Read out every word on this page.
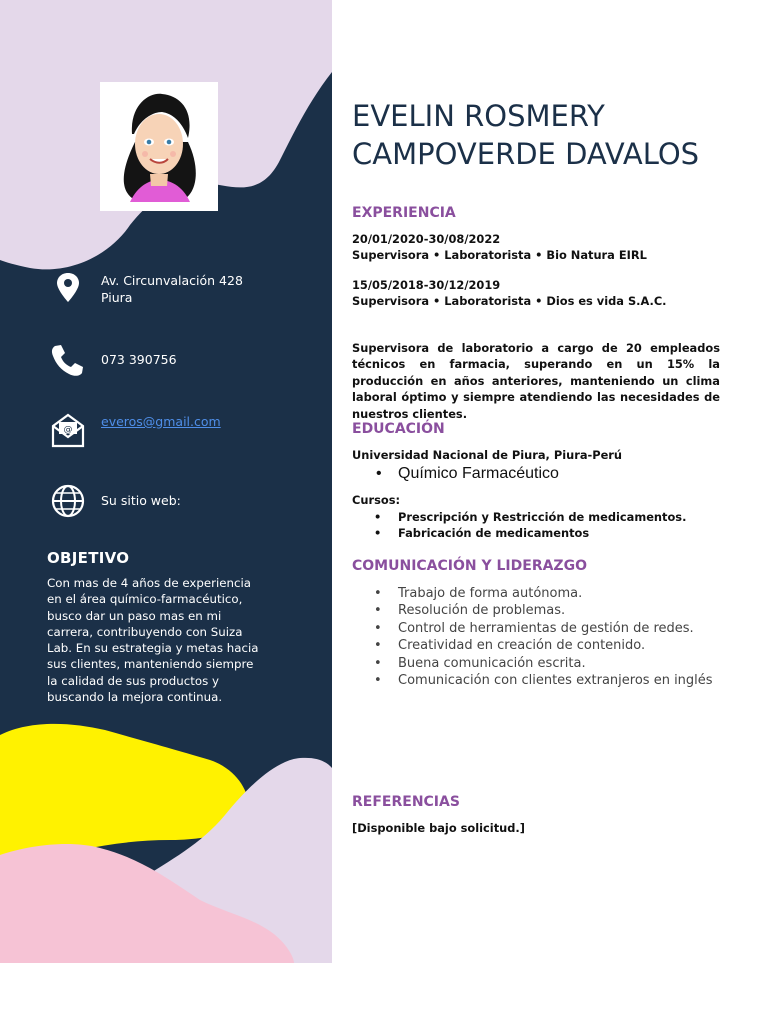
Av. Circunvalación 428
Piura
073 390756
@
everos@gmail.com
Su sitio web:
OBJETIVO
Con mas de 4 años de experiencia en el área químico-farmacéutico, busco dar un paso mas en mi carrera, contribuyendo con Suiza Lab. En su estrategia y metas hacia sus clientes, manteniendo siempre la calidad de sus productos y buscando la mejora continua.
EVELIN ROSMERY
CAMPOVERDE DAVALOS
EXPERIENCIA
20/01/2020-30/08/2022
Supervisora • Laboratorista • Bio Natura EIRL
15/05/2018-30/12/2019
Supervisora • Laboratorista • Dios es vida S.A.C.
Supervisora de laboratorio a cargo de 20 empleados técnicos en farmacia, superando en un 15% la producción en años anteriores, manteniendo un clima laboral óptimo y siempre atendiendo las necesidades de nuestros clientes.
EDUCACIÓN
Universidad Nacional de Piura, Piura-Perú
• Químico Farmacéutico
Cursos:
• Prescripción y Restricción de medicamentos.
• Fabricación de medicamentos
COMUNICACIÓN Y LIDERAZGO
• Trabajo de forma autónoma.
• Resolución de problemas.
• Control de herramientas de gestión de redes.
• Creatividad en creación de contenido.
• Buena comunicación escrita.
• Comunicación con clientes extranjeros en inglés
REFERENCIAS
[Disponible bajo solicitud.]
